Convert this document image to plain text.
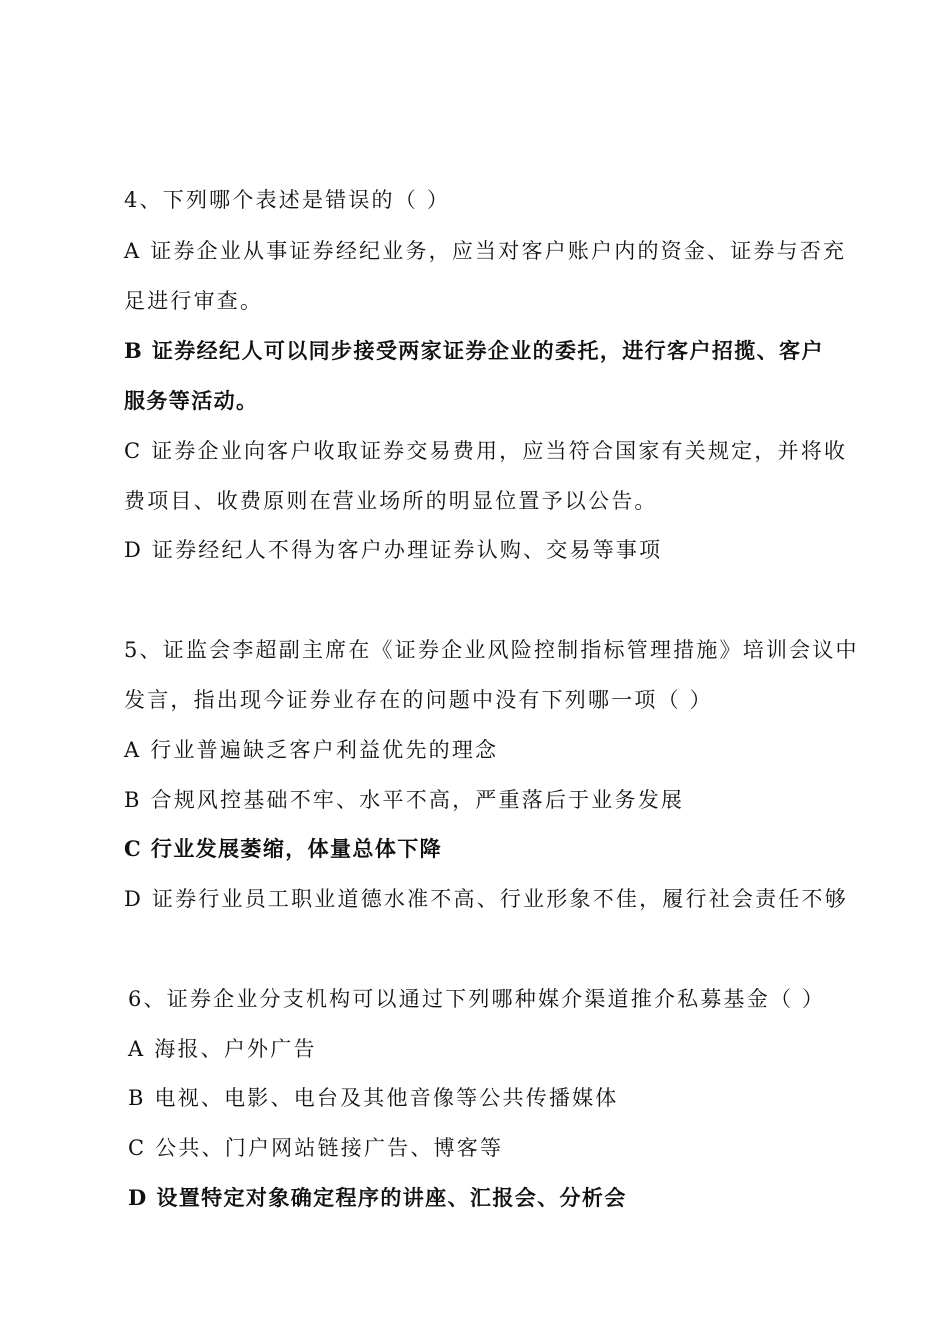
4、下列哪个表述是错误的（ ）
A 证券企业从事证券经纪业务，应当对客户账户内的资金、证券与否充
足进行审查。
B 证券经纪人可以同步接受两家证券企业的委托，进行客户招揽、客户
服务等活动。
C 证券企业向客户收取证券交易费用，应当符合国家有关规定，并将收
费项目、收费原则在营业场所的明显位置予以公告。
D 证券经纪人不得为客户办理证券认购、交易等事项
5、证监会李超副主席在《证券企业风险控制指标管理措施》培训会议中
发言，指出现今证券业存在的问题中没有下列哪一项（ ）
A 行业普遍缺乏客户利益优先的理念
B 合规风控基础不牢、水平不高，严重落后于业务发展
C 行业发展萎缩，体量总体下降
D 证券行业员工职业道德水准不高、行业形象不佳，履行社会责任不够
6、证券企业分支机构可以通过下列哪种媒介渠道推介私募基金（ ）
A 海报、户外广告
B 电视、电影、电台及其他音像等公共传播媒体
C 公共、门户网站链接广告、博客等
D 设置特定对象确定程序的讲座、汇报会、分析会
